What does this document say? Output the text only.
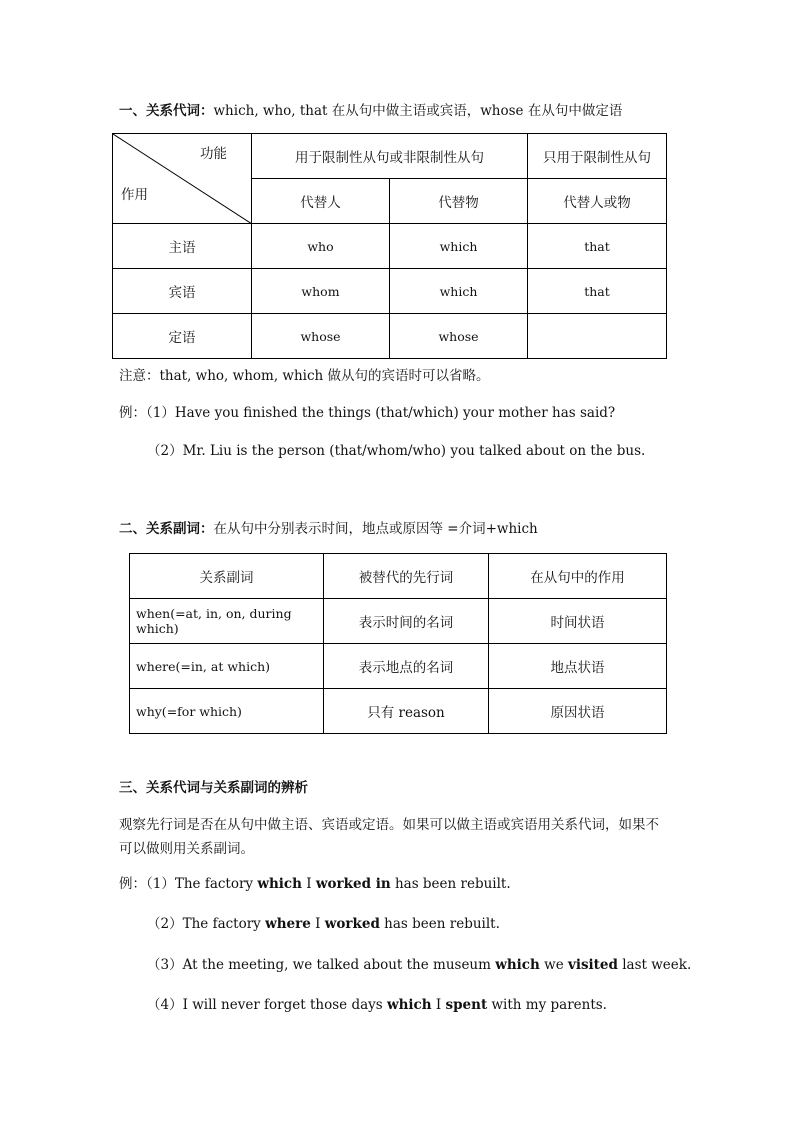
一、关系代词：which, who, that 在从句中做主语或宾语，whose 在从句中做定语
功能
作用	用于限制性从句或非限制性从句		只用于限制性从句
	代替人	代替物	代替人或物
主语	who	which	that
宾语	whom	which	that
定语	whose	whose	
注意：that, who, whom, which 做从句的宾语时可以省略。
例：（1）Have you finished the things (that/which) your mother has said?
（2）Mr. Liu is the person (that/whom/who) you talked about on the bus.
二、关系副词：在从句中分别表示时间，地点或原因等 =介词+which
关系副词	被替代的先行词	在从句中的作用
when(=at, in, on, during which)	表示时间的名词	时间状语
where(=in, at which)	表示地点的名词	地点状语
why(=for which)	只有 reason	原因状语
三、关系代词与关系副词的辨析
观察先行词是否在从句中做主语、宾语或定语。如果可以做主语或宾语用关系代词，如果不
可以做则用关系副词。
例：（1）The factory which I worked in has been rebuilt.
（2）The factory where I worked has been rebuilt.
（3）At the meeting, we talked about the museum which we visited last week.
（4）I will never forget those days which I spent with my parents.
